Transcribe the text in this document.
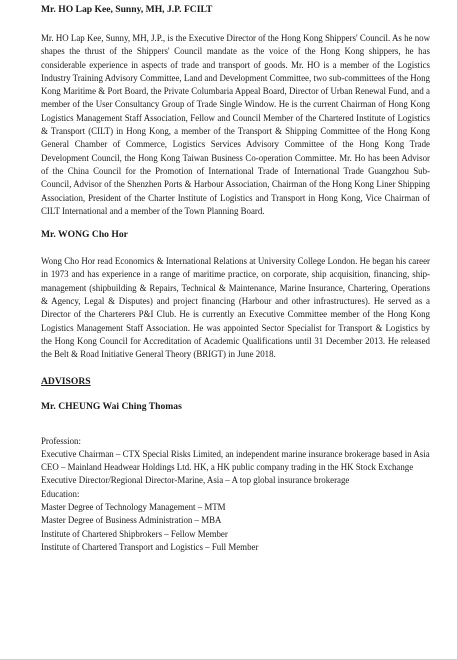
Mr. HO Lap Kee, Sunny, MH, J.P. FCILT

Mr. HO Lap Kee, Sunny, MH, J.P., is the Executive Director of the Hong Kong Shippers' Council. As he now shapes the thrust of the Shippers' Council mandate as the voice of the Hong Kong shippers, he has considerable experience in aspects of trade and transport of goods. Mr. HO is a member of the Logistics Industry Training Advisory Committee, Land and Development Committee, two sub-committees of the Hong Kong Maritime & Port Board, the Private Columbaria Appeal Board, Director of Urban Renewal Fund, and a member of the User Consultancy Group of Trade Single Window. He is the current Chairman of Hong Kong Logistics Management Staff Association, Fellow and Council Member of the Chartered Institute of Logistics & Transport (CILT) in Hong Kong, a member of the Transport & Shipping Committee of the Hong Kong General Chamber of Commerce, Logistics Services Advisory Committee of the Hong Kong Trade Development Council, the Hong Kong Taiwan Business Co-operation Committee. Mr. Ho has been Advisor of the China Council for the Promotion of International Trade of International Trade Guangzhou Sub-Council, Advisor of the Shenzhen Ports & Harbour Association, Chairman of the Hong Kong Liner Shipping Association, President of the Charter Institute of Logistics and Transport in Hong Kong, Vice Chairman of CILT International and a member of the Town Planning Board.

Mr. WONG Cho Hor

Wong Cho Hor read Economics & International Relations at University College London. He began his career in 1973 and has experience in a range of maritime practice, on corporate, ship acquisition, financing, ship-management (shipbuilding & Repairs, Technical & Maintenance, Marine Insurance, Chartering, Operations & Agency, Legal & Disputes) and project financing (Harbour and other infrastructures). He served as a Director of the Charterers P&I Club. He is currently an Executive Committee member of the Hong Kong Logistics Management Staff Association. He was appointed Sector Specialist for Transport & Logistics by the Hong Kong Council for Accreditation of Academic Qualifications until 31 December 2013. He released the Belt & Road Initiative General Theory (BRIGT) in June 2018.

ADVISORS

Mr. CHEUNG Wai Ching Thomas

Profession:

Executive Chairman – CTX Special Risks Limited, an independent marine insurance brokerage based in Asia

CEO – Mainland Headwear Holdings Ltd. HK, a HK public company trading in the HK Stock Exchange

Executive Director/Regional Director-Marine, Asia – A top global insurance brokerage

Education:

Master Degree of Technology Management – MTM

Master Degree of Business Administration – MBA

Institute of Chartered Shipbrokers – Fellow Member

Institute of Chartered Transport and Logistics – Full Member
